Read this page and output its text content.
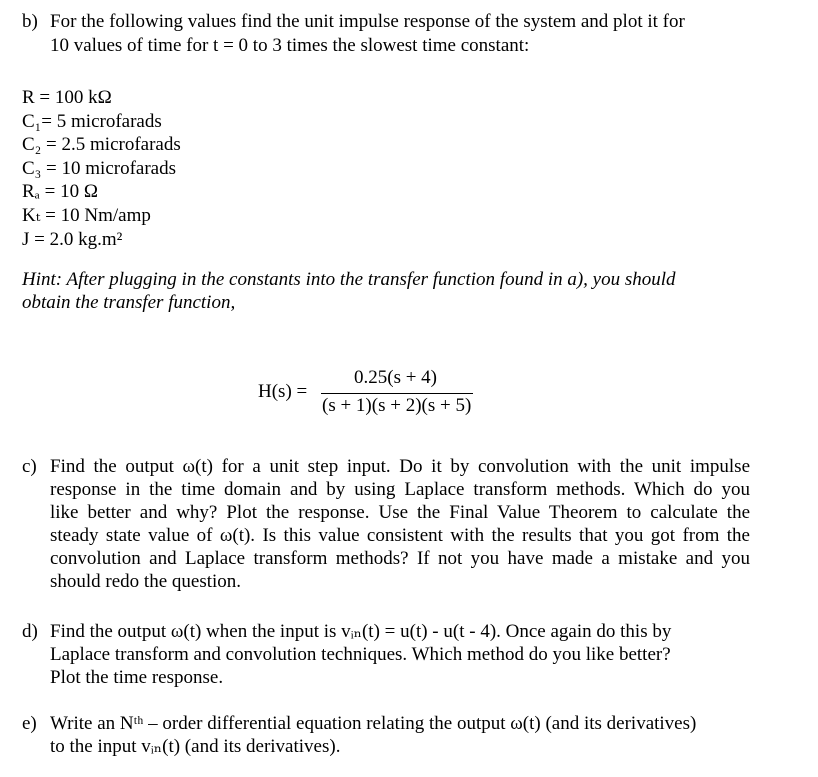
b) For the following values find the unit impulse response of the system and plot it for
10 values of time for t = 0 to 3 times the slowest time constant:
R = 100 kΩ
C₁= 5 microfarads
C₂ = 2.5 microfarads
C₃ = 10 microfarads
Rₐ = 10 Ω
Kₜ = 10 Nm/amp
J = 2.0 kg.m²
Hint: After plugging in the constants into the transfer function found in a), you should
obtain the transfer function,
H(s) =
0.25(s + 4)
(s + 1)(s + 2)(s + 5)
c) Find the output ω(t) for a unit step input. Do it by convolution with the unit impulse
response in the time domain and by using Laplace transform methods. Which do you
like better and why? Plot the response. Use the Final Value Theorem to calculate the
steady state value of ω(t). Is this value consistent with the results that you got from the
convolution and Laplace transform methods? If not you have made a mistake and you
should redo the question.
d) Find the output ω(t) when the input is vᵢₙ(t) = u(t) - u(t - 4). Once again do this by
Laplace transform and convolution techniques. Which method do you like better?
Plot the time response.
e) Write an Nᵗʰ – order differential equation relating the output ω(t) (and its derivatives)
to the input vᵢₙ(t) (and its derivatives).
